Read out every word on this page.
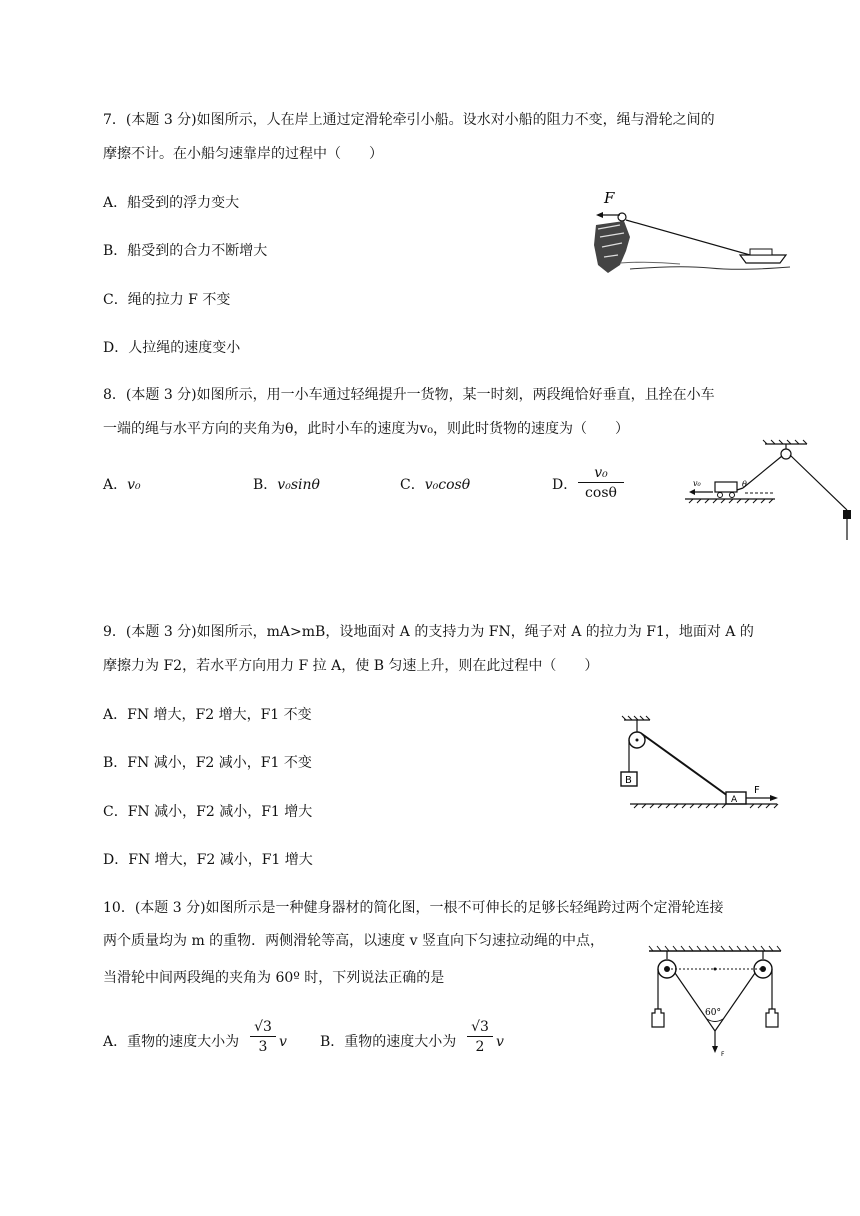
7．(本题 3 分)如图所示，人在岸上通过定滑轮牵引小船。设水对小船的阻力不变，绳与滑轮之间的
摩擦不计。在小船匀速靠岸的过程中（　　）
A．船受到的浮力变大
B．船受到的合力不断增大
C．绳的拉力 F 不变
D．人拉绳的速度变小
F
8．(本题 3 分)如图所示，用一小车通过轻绳提升一货物，某一时刻，两段绳恰好垂直，且拴在小车
一端的绳与水平方向的夹角为θ，此时小车的速度为v₀，则此时货物的速度为（　　）
A．v₀	B．v₀sinθ	C．v₀cosθ	D． $\frac{\text{v₀}}{\cos\theta}$	θ
v₀
9．(本题 3 分)如图所示，mA>mB，设地面对 A 的支持力为 FN，绳子对 A 的拉力为 F1，地面对 A 的
摩擦力为 F2，若水平方向用力 F 拉 A，使 B 匀速上升，则在此过程中（　　）
A．FN 增大，F2 增大，F1 不变
B．FN 减小，F2 减小，F1 不变
C．FN 减小，F2 减小，F1 增大
D．FN 增大，F2 减小，F1 增大
B
A
F
10．(本题 3 分)如图所示是一种健身器材的简化图，一根不可伸长的足够长轻绳跨过两个定滑轮连接
两个质量均为 m 的重物．两侧滑轮等高，以速度 v 竖直向下匀速拉动绳的中点，
当滑轮中间两段绳的夹角为 60º 时，下列说法正确的是
A．重物的速度大小为 $\frac{√3}{3}$ v B．重物的速度大小为 $\frac{√3}{2}$ v
60°
F
